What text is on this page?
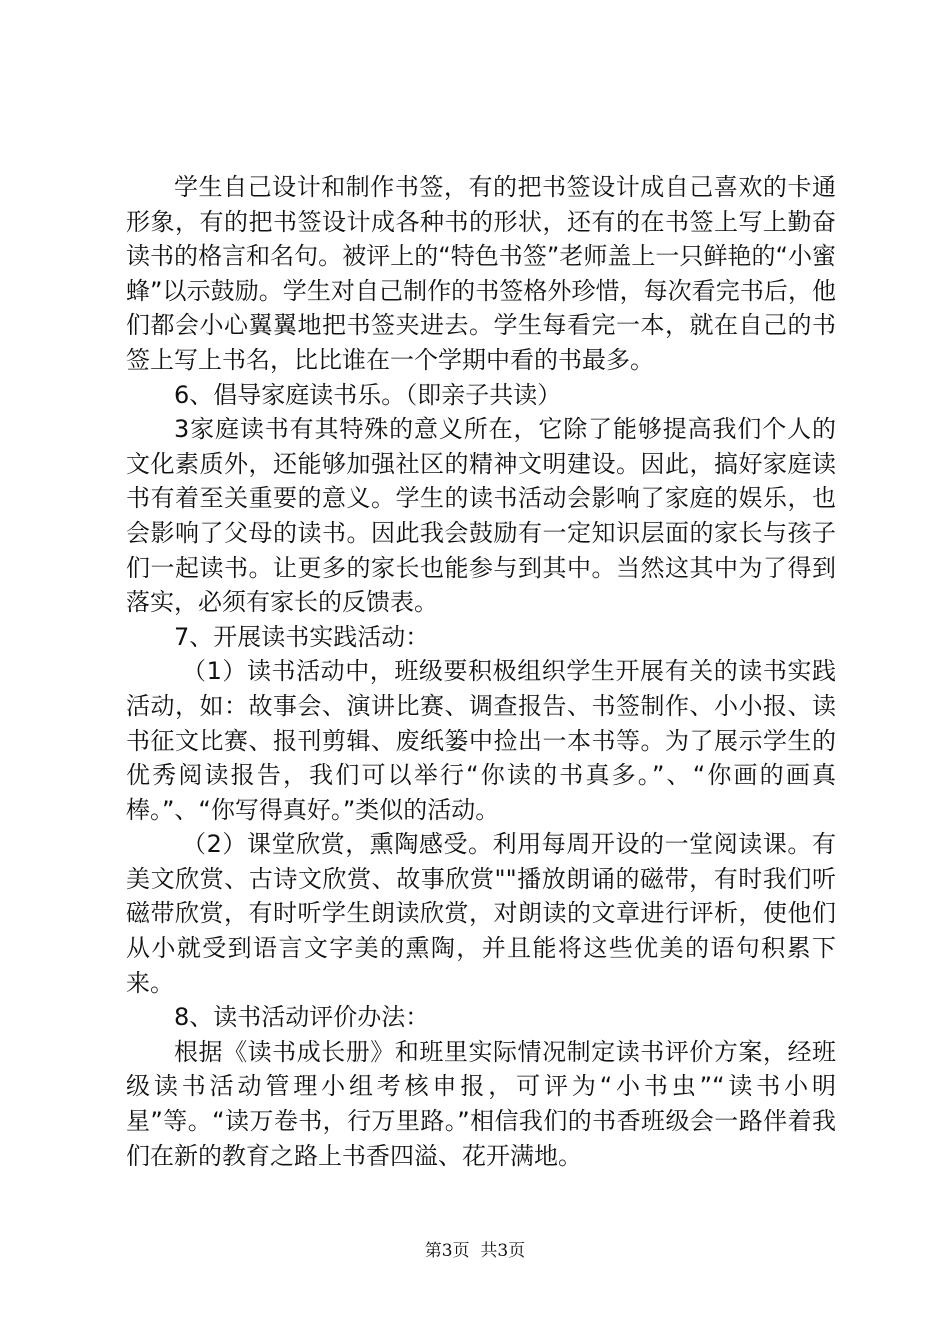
学生自己设计和制作书签，有的把书签设计成自己喜欢的卡通形象，有的把书签设计成各种书的形状，还有的在书签上写上勤奋读书的格言和名句。被评上的“特色书签”老师盖上一只鲜艳的“小蜜蜂”以示鼓励。学生对自己制作的书签格外珍惜，每次看完书后，他们都会小心翼翼地把书签夹进去。学生每看完一本，就在自己的书签上写上书名，比比谁在一个学期中看的书最多。

6、倡导家庭读书乐。（即亲子共读）

3家庭读书有其特殊的意义所在，它除了能够提高我们个人的文化素质外，还能够加强社区的精神文明建设。因此，搞好家庭读书有着至关重要的意义。学生的读书活动会影响了家庭的娱乐，也会影响了父母的读书。因此我会鼓励有一定知识层面的家长与孩子们一起读书。让更多的家长也能参与到其中。当然这其中为了得到落实，必须有家长的反馈表。

7、开展读书实践活动：

（1）读书活动中，班级要积极组织学生开展有关的读书实践活动，如：故事会、演讲比赛、调查报告、书签制作、小小报、读书征文比赛、报刊剪辑、废纸篓中捡出一本书等。为了展示学生的优秀阅读报告，我们可以举行“你读的书真多。”、“你画的画真棒。”、“你写得真好。”类似的活动。

（2）课堂欣赏，熏陶感受。利用每周开设的一堂阅读课。有美文欣赏、古诗文欣赏、故事欣赏""播放朗诵的磁带，有时我们听磁带欣赏，有时听学生朗读欣赏，对朗读的文章进行评析，使他们从小就受到语言文字美的熏陶，并且能将这些优美的语句积累下来。

8、读书活动评价办法：

根据《读书成长册》和班里实际情况制定读书评价方案，经班级读书活动管理小组考核申报，可评为“小书虫”“读书小明星”等。“读万卷书，行万里路。”相信我们的书香班级会一路伴着我们在新的教育之路上书香四溢、花开满地。

第3页  共3页
